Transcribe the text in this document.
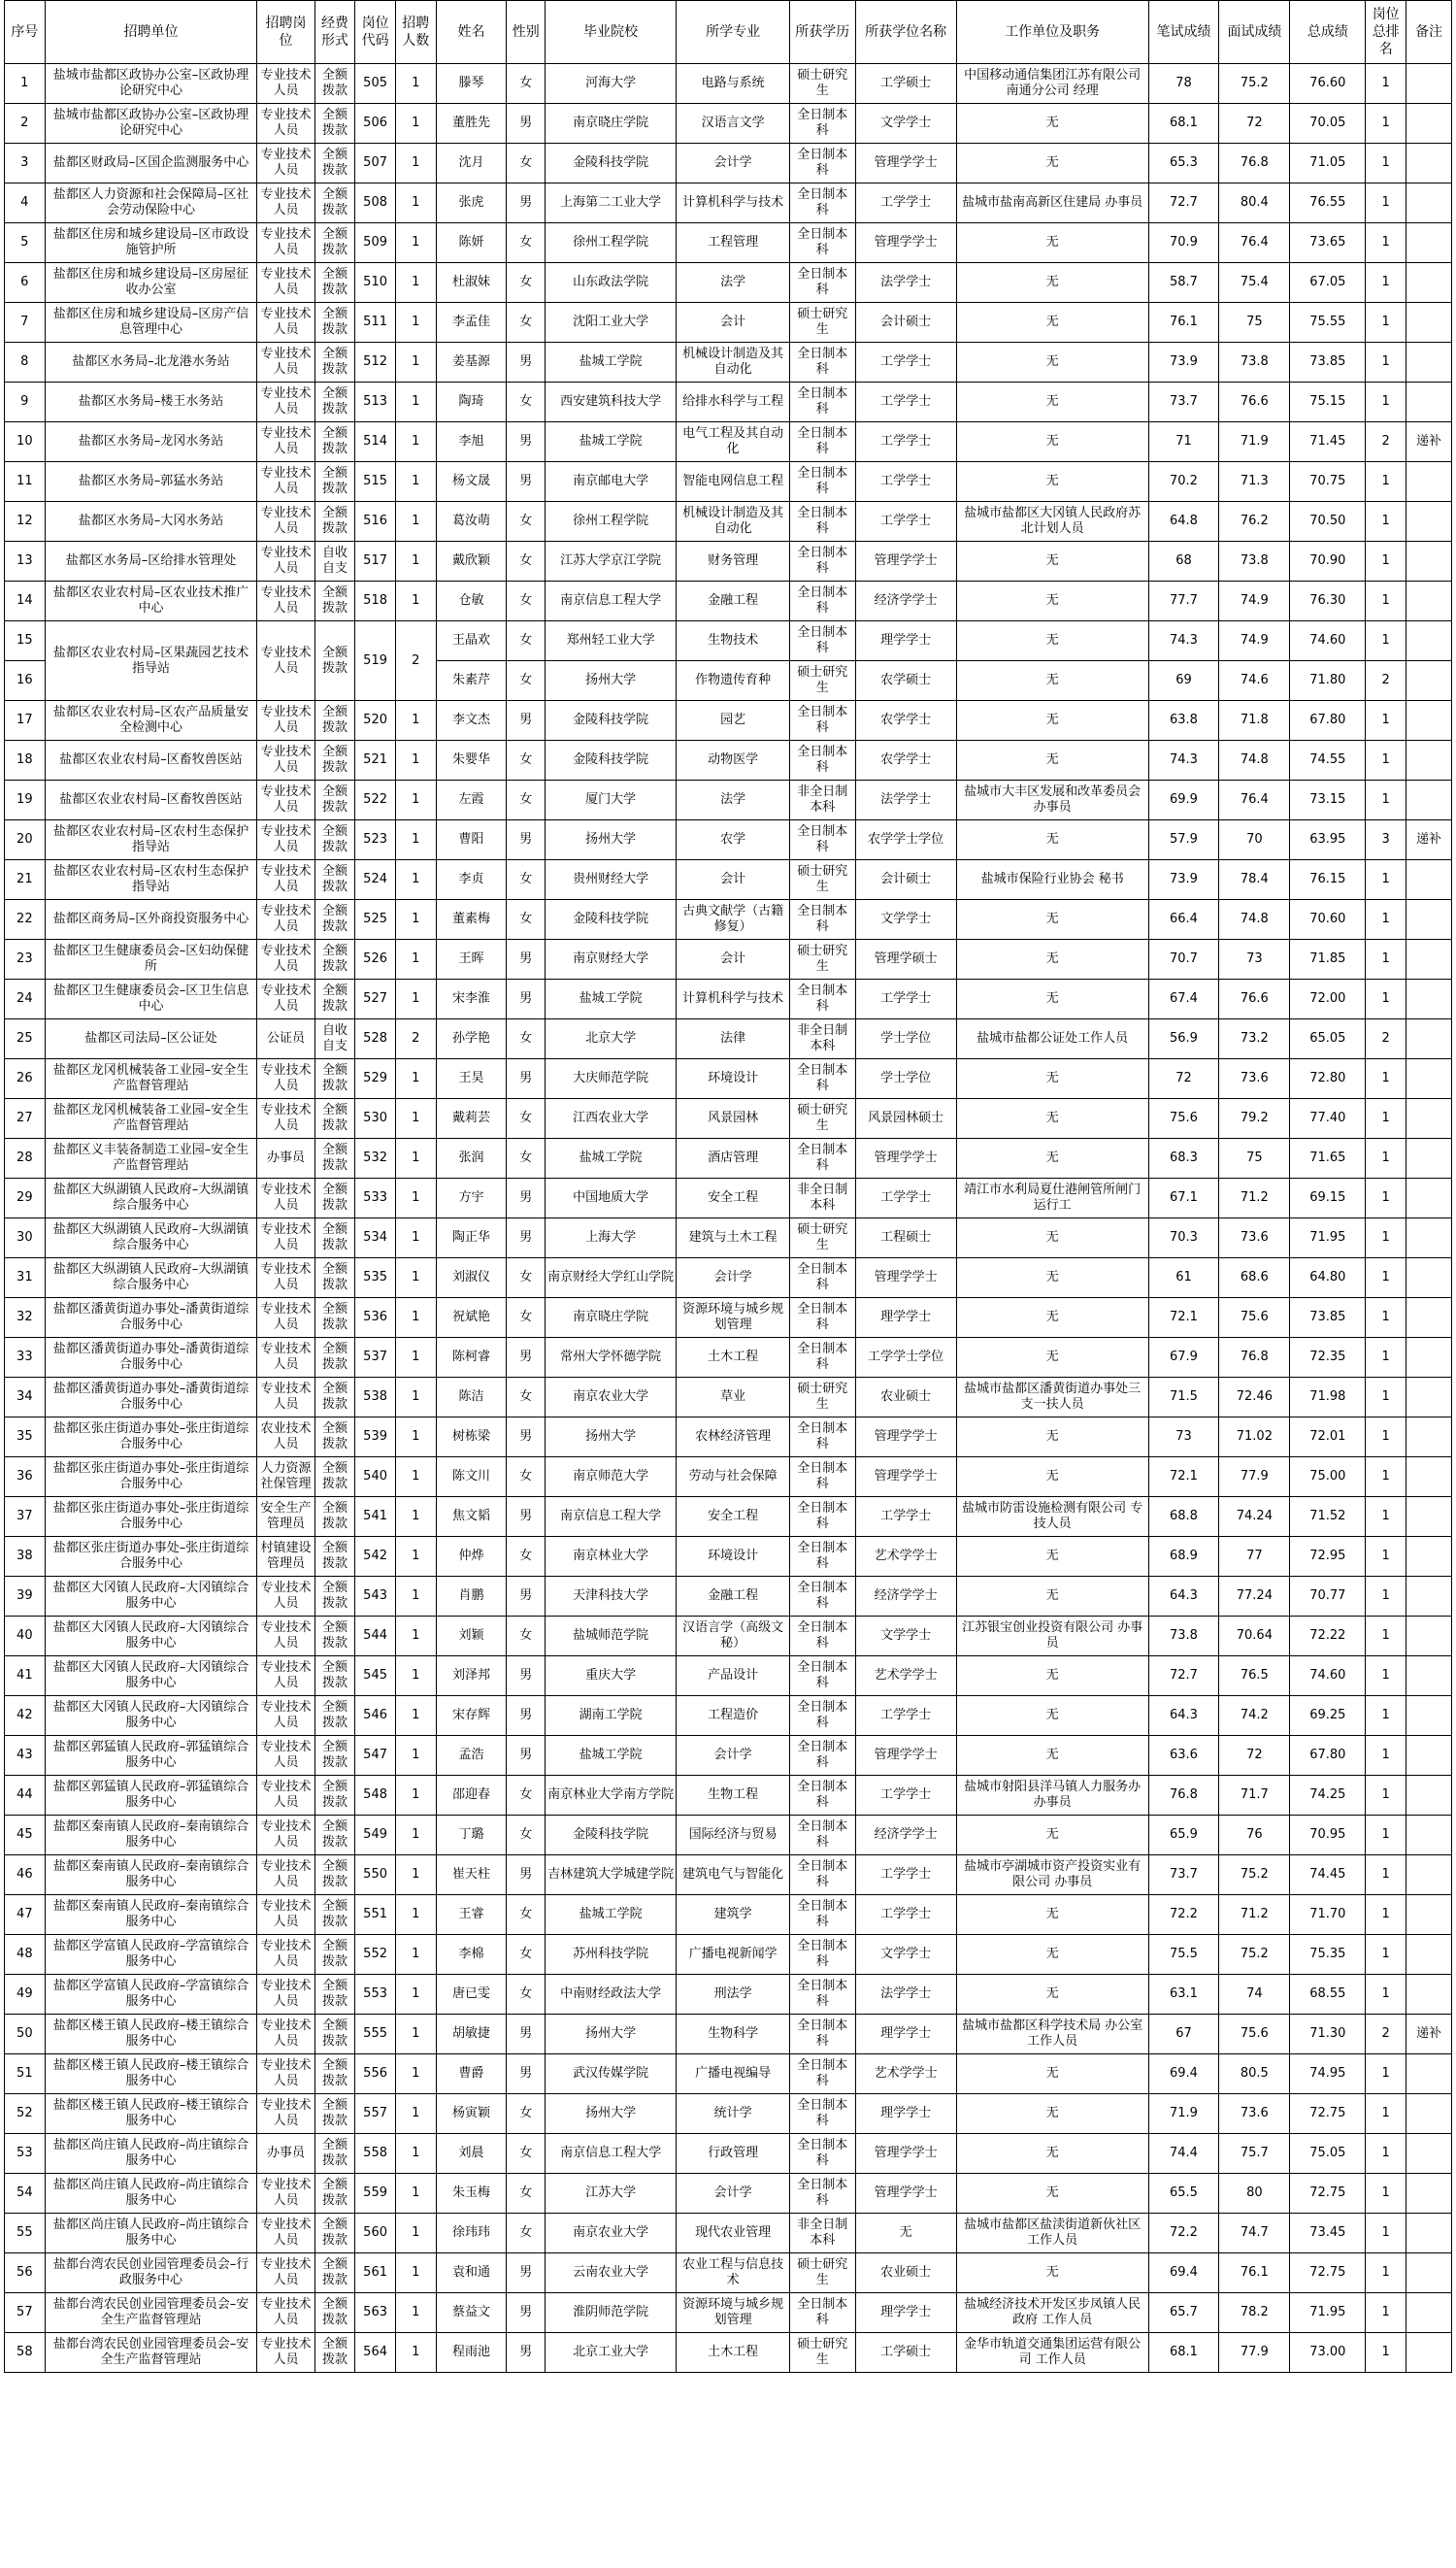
序号	招聘单位	招聘岗位	经费形式	岗位代码	招聘人数	姓名	性别	毕业院校	所学专业	所获学历	所获学位名称	工作单位及职务	笔试成绩	面试成绩	总成绩	岗位总排名	备注
1	盐城市盐都区政协办公室–区政协理论研究中心	专业技术人员	全额拨款	505	1	滕琴	女	河海大学	电路与系统	硕士研究生	工学硕士	中国移动通信集团江苏有限公司南通分公司 经理	78	75.2	76.60	1	
2	盐城市盐都区政协办公室–区政协理论研究中心	专业技术人员	全额拨款	506	1	董胜先	男	南京晓庄学院	汉语言文学	全日制本科	文学学士	无	68.1	72	70.05	1	
3	盐都区财政局–区国企监测服务中心	专业技术人员	全额拨款	507	1	沈月	女	金陵科技学院	会计学	全日制本科	管理学学士	无	65.3	76.8	71.05	1	
4	盐都区人力资源和社会保障局–区社会劳动保险中心	专业技术人员	全额拨款	508	1	张虎	男	上海第二工业大学	计算机科学与技术	全日制本科	工学学士	盐城市盐南高新区住建局 办事员	72.7	80.4	76.55	1	
5	盐都区住房和城乡建设局–区市政设施管护所	专业技术人员	全额拨款	509	1	陈妍	女	徐州工程学院	工程管理	全日制本科	管理学学士	无	70.9	76.4	73.65	1	
6	盐都区住房和城乡建设局–区房屋征收办公室	专业技术人员	全额拨款	510	1	杜淑妹	女	山东政法学院	法学	全日制本科	法学学士	无	58.7	75.4	67.05	1	
7	盐都区住房和城乡建设局–区房产信息管理中心	专业技术人员	全额拨款	511	1	李孟佳	女	沈阳工业大学	会计	硕士研究生	会计硕士	无	76.1	75	75.55	1	
8	盐都区水务局–北龙港水务站	专业技术人员	全额拨款	512	1	姜基源	男	盐城工学院	机械设计制造及其自动化	全日制本科	工学学士	无	73.9	73.8	73.85	1	
9	盐都区水务局–楼王水务站	专业技术人员	全额拨款	513	1	陶琦	女	西安建筑科技大学	给排水科学与工程	全日制本科	工学学士	无	73.7	76.6	75.15	1	
10	盐都区水务局–龙冈水务站	专业技术人员	全额拨款	514	1	李旭	男	盐城工学院	电气工程及其自动化	全日制本科	工学学士	无	71	71.9	71.45	2	递补
11	盐都区水务局–郭猛水务站	专业技术人员	全额拨款	515	1	杨文晟	男	南京邮电大学	智能电网信息工程	全日制本科	工学学士	无	70.2	71.3	70.75	1	
12	盐都区水务局–大冈水务站	专业技术人员	全额拨款	516	1	葛汝萌	女	徐州工程学院	机械设计制造及其自动化	全日制本科	工学学士	盐城市盐都区大冈镇人民政府苏北计划人员	64.8	76.2	70.50	1	
13	盐都区水务局–区给排水管理处	专业技术人员	自收自支	517	1	戴欣颖	女	江苏大学京江学院	财务管理	全日制本科	管理学学士	无	68	73.8	70.90	1	
14	盐都区农业农村局–区农业技术推广中心	专业技术人员	全额拨款	518	1	仓敏	女	南京信息工程大学	金融工程	全日制本科	经济学学士	无	77.7	74.9	76.30	1	
15	盐都区农业农村局–区果蔬园艺技术指导站	专业技术人员	全额拨款	519	2	王晶欢	女	郑州轻工业大学	生物技术	全日制本科	理学学士	无	74.3	74.9	74.60	1	
16						朱素芹	女	扬州大学	作物遗传育种	硕士研究生	农学硕士	无	69	74.6	71.80	2	
17	盐都区农业农村局–区农产品质量安全检测中心	专业技术人员	全额拨款	520	1	李文杰	男	金陵科技学院	园艺	全日制本科	农学学士	无	63.8	71.8	67.80	1	
18	盐都区农业农村局–区畜牧兽医站	专业技术人员	全额拨款	521	1	朱婴华	女	金陵科技学院	动物医学	全日制本科	农学学士	无	74.3	74.8	74.55	1	
19	盐都区农业农村局–区畜牧兽医站	专业技术人员	全额拨款	522	1	左霞	女	厦门大学	法学	非全日制本科	法学学士	盐城市大丰区发展和改革委员会 办事员	69.9	76.4	73.15	1	
20	盐都区农业农村局–区农村生态保护指导站	专业技术人员	全额拨款	523	1	曹阳	男	扬州大学	农学	全日制本科	农学学士学位	无	57.9	70	63.95	3	递补
21	盐都区农业农村局–区农村生态保护指导站	专业技术人员	全额拨款	524	1	李贞	女	贵州财经大学	会计	硕士研究生	会计硕士	盐城市保险行业协会 秘书	73.9	78.4	76.15	1	
22	盐都区商务局–区外商投资服务中心	专业技术人员	全额拨款	525	1	董素梅	女	金陵科技学院	古典文献学（古籍修复）	全日制本科	文学学士	无	66.4	74.8	70.60	1	
23	盐都区卫生健康委员会–区妇幼保健所	专业技术人员	全额拨款	526	1	王晖	男	南京财经大学	会计	硕士研究生	管理学硕士	无	70.7	73	71.85	1	
24	盐都区卫生健康委员会–区卫生信息中心	专业技术人员	全额拨款	527	1	宋李淮	男	盐城工学院	计算机科学与技术	全日制本科	工学学士	无	67.4	76.6	72.00	1	
25	盐都区司法局–区公证处	公证员	自收自支	528	2	孙学艳	女	北京大学	法律	非全日制本科	学士学位	盐城市盐都公证处工作人员	56.9	73.2	65.05	2	
26	盐都区龙冈机械装备工业园–安全生产监督管理站	专业技术人员	全额拨款	529	1	王昊	男	大庆师范学院	环境设计	全日制本科	学士学位	无	72	73.6	72.80	1	
27	盐都区龙冈机械装备工业园–安全生产监督管理站	专业技术人员	全额拨款	530	1	戴莉芸	女	江西农业大学	风景园林	硕士研究生	风景园林硕士	无	75.6	79.2	77.40	1	
28	盐都区义丰装备制造工业园–安全生产监督管理站	办事员	全额拨款	532	1	张润	女	盐城工学院	酒店管理	全日制本科	管理学学士	无	68.3	75	71.65	1	
29	盐都区大纵湖镇人民政府–大纵湖镇综合服务中心	专业技术人员	全额拨款	533	1	方宇	男	中国地质大学	安全工程	非全日制本科	工学学士	靖江市水利局夏仕港闸管所闸门运行工	67.1	71.2	69.15	1	
30	盐都区大纵湖镇人民政府–大纵湖镇综合服务中心	专业技术人员	全额拨款	534	1	陶正华	男	上海大学	建筑与土木工程	硕士研究生	工程硕士	无	70.3	73.6	71.95	1	
31	盐都区大纵湖镇人民政府–大纵湖镇综合服务中心	专业技术人员	全额拨款	535	1	刘淑仪	女	南京财经大学红山学院	会计学	全日制本科	管理学学士	无	61	68.6	64.80	1	
32	盐都区潘黄街道办事处–潘黄街道综合服务中心	专业技术人员	全额拨款	536	1	祝斌艳	女	南京晓庄学院	资源环境与城乡规划管理	全日制本科	理学学士	无	72.1	75.6	73.85	1	
33	盐都区潘黄街道办事处–潘黄街道综合服务中心	专业技术人员	全额拨款	537	1	陈柯睿	男	常州大学怀德学院	土木工程	全日制本科	工学学士学位	无	67.9	76.8	72.35	1	
34	盐都区潘黄街道办事处–潘黄街道综合服务中心	专业技术人员	全额拨款	538	1	陈洁	女	南京农业大学	草业	硕士研究生	农业硕士	盐城市盐都区潘黄街道办事处三支一扶人员	71.5	72.46	71.98	1	
35	盐都区张庄街道办事处–张庄街道综合服务中心	农业技术人员	全额拨款	539	1	树栋梁	男	扬州大学	农林经济管理	全日制本科	管理学学士	无	73	71.02	72.01	1	
36	盐都区张庄街道办事处–张庄街道综合服务中心	人力资源社保管理	全额拨款	540	1	陈文川	女	南京师范大学	劳动与社会保障	全日制本科	管理学学士	无	72.1	77.9	75.00	1	
37	盐都区张庄街道办事处–张庄街道综合服务中心	安全生产管理员	全额拨款	541	1	焦文韬	男	南京信息工程大学	安全工程	全日制本科	工学学士	盐城市防雷设施检测有限公司 专技人员	68.8	74.24	71.52	1	
38	盐都区张庄街道办事处–张庄街道综合服务中心	村镇建设管理员	全额拨款	542	1	仲烨	女	南京林业大学	环境设计	全日制本科	艺术学学士	无	68.9	77	72.95	1	
39	盐都区大冈镇人民政府–大冈镇综合服务中心	专业技术人员	全额拨款	543	1	肖鹏	男	天津科技大学	金融工程	全日制本科	经济学学士	无	64.3	77.24	70.77	1	
40	盐都区大冈镇人民政府–大冈镇综合服务中心	专业技术人员	全额拨款	544	1	刘颖	女	盐城师范学院	汉语言学（高级文秘）	全日制本科	文学学士	江苏银宝创业投资有限公司 办事员	73.8	70.64	72.22	1	
41	盐都区大冈镇人民政府–大冈镇综合服务中心	专业技术人员	全额拨款	545	1	刘泽邦	男	重庆大学	产品设计	全日制本科	艺术学学士	无	72.7	76.5	74.60	1	
42	盐都区大冈镇人民政府–大冈镇综合服务中心	专业技术人员	全额拨款	546	1	宋存辉	男	湖南工学院	工程造价	全日制本科	工学学士	无	64.3	74.2	69.25	1	
43	盐都区郭猛镇人民政府–郭猛镇综合服务中心	专业技术人员	全额拨款	547	1	孟浩	男	盐城工学院	会计学	全日制本科	管理学学士	无	63.6	72	67.80	1	
44	盐都区郭猛镇人民政府–郭猛镇综合服务中心	专业技术人员	全额拨款	548	1	邵迎春	女	南京林业大学南方学院	生物工程	全日制本科	工学学士	盐城市射阳县洋马镇人力服务办 办事员	76.8	71.7	74.25	1	
45	盐都区秦南镇人民政府–秦南镇综合服务中心	专业技术人员	全额拨款	549	1	丁璐	女	金陵科技学院	国际经济与贸易	全日制本科	经济学学士	无	65.9	76	70.95	1	
46	盐都区秦南镇人民政府–秦南镇综合服务中心	专业技术人员	全额拨款	550	1	崔天柱	男	吉林建筑大学城建学院	建筑电气与智能化	全日制本科	工学学士	盐城市亭湖城市资产投资实业有限公司 办事员	73.7	75.2	74.45	1	
47	盐都区秦南镇人民政府–秦南镇综合服务中心	专业技术人员	全额拨款	551	1	王睿	女	盐城工学院	建筑学	全日制本科	工学学士	无	72.2	71.2	71.70	1	
48	盐都区学富镇人民政府–学富镇综合服务中心	专业技术人员	全额拨款	552	1	李棉	女	苏州科技学院	广播电视新闻学	全日制本科	文学学士	无	75.5	75.2	75.35	1	
49	盐都区学富镇人民政府–学富镇综合服务中心	专业技术人员	全额拨款	553	1	唐已雯	女	中南财经政法大学	刑法学	全日制本科	法学学士	无	63.1	74	68.55	1	
50	盐都区楼王镇人民政府–楼王镇综合服务中心	专业技术人员	全额拨款	555	1	胡敏捷	男	扬州大学	生物科学	全日制本科	理学学士	盐城市盐都区科学技术局 办公室工作人员	67	75.6	71.30	2	递补
51	盐都区楼王镇人民政府–楼王镇综合服务中心	专业技术人员	全额拨款	556	1	曹爵	男	武汉传媒学院	广播电视编导	全日制本科	艺术学学士	无	69.4	80.5	74.95	1	
52	盐都区楼王镇人民政府–楼王镇综合服务中心	专业技术人员	全额拨款	557	1	杨寅颖	女	扬州大学	统计学	全日制本科	理学学士	无	71.9	73.6	72.75	1	
53	盐都区尚庄镇人民政府–尚庄镇综合服务中心	办事员	全额拨款	558	1	刘晨	女	南京信息工程大学	行政管理	全日制本科	管理学学士	无	74.4	75.7	75.05	1	
54	盐都区尚庄镇人民政府–尚庄镇综合服务中心	专业技术人员	全额拨款	559	1	朱玉梅	女	江苏大学	会计学	全日制本科	管理学学士	无	65.5	80	72.75	1	
55	盐都区尚庄镇人民政府–尚庄镇综合服务中心	专业技术人员	全额拨款	560	1	徐玮玮	女	南京农业大学	现代农业管理	非全日制本科	无	盐城市盐都区盐渎街道新伙社区工作人员	72.2	74.7	73.45	1	
56	盐都台湾农民创业园管理委员会–行政服务中心	专业技术人员	全额拨款	561	1	袁和通	男	云南农业大学	农业工程与信息技术	硕士研究生	农业硕士	无	69.4	76.1	72.75	1	
57	盐都台湾农民创业园管理委员会–安全生产监督管理站	专业技术人员	全额拨款	563	1	蔡益文	男	淮阴师范学院	资源环境与城乡规划管理	全日制本科	理学学士	盐城经济技术开发区步凤镇人民政府 工作人员	65.7	78.2	71.95	1	
58	盐都台湾农民创业园管理委员会–安全生产监督管理站	专业技术人员	全额拨款	564	1	程雨池	男	北京工业大学	土木工程	硕士研究生	工学硕士	金华市轨道交通集团运营有限公司 工作人员	68.1	77.9	73.00	1	
